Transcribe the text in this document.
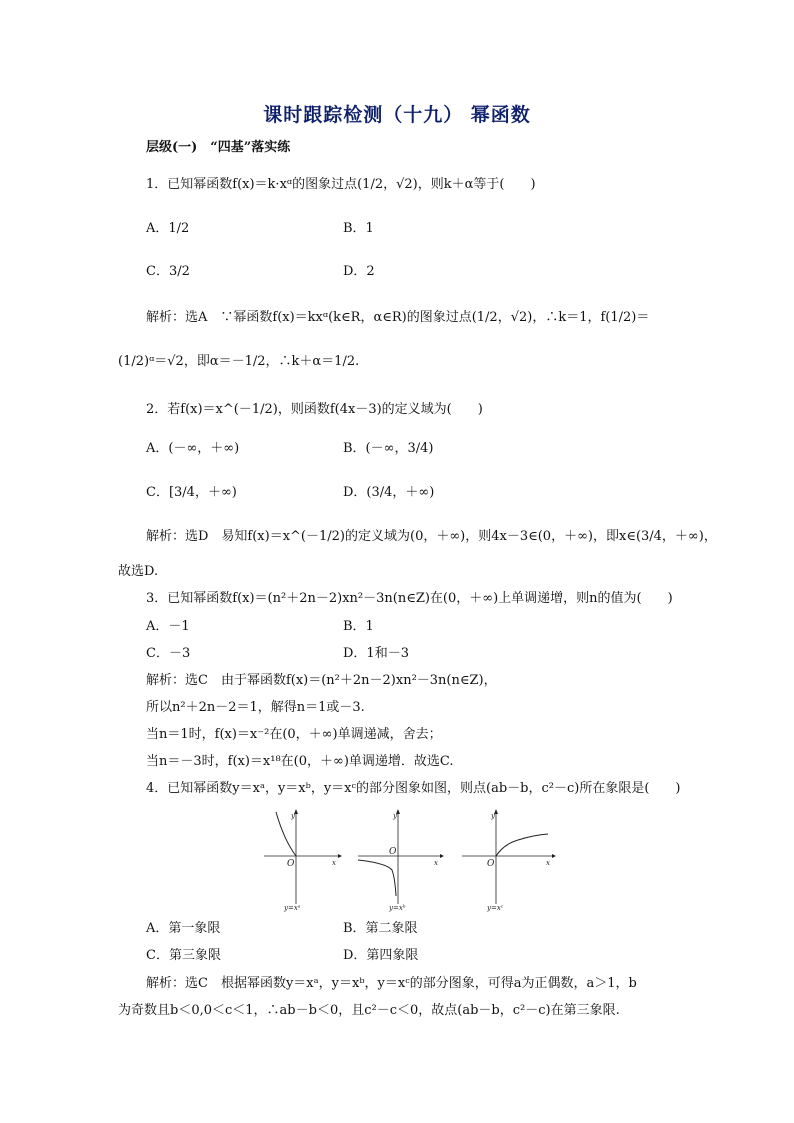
课时跟踪检测（十九） 幂函数
层级(一)　“四基”落实练
1．已知幂函数f(x)＝k·xᵅ的图象过点(1/2，√2)，则k＋α等于(　　)
A．1/2	B．1
C．3/2	D．2
解析：选A　∵幂函数f(x)＝kxᵅ(k∈R，α∈R)的图象过点(1/2，√2)，∴k＝1，f(1/2)＝
(1/2)ᵅ＝√2，即α＝－1/2，∴k＋α＝1/2.
2．若f(x)＝x^(－1/2)，则函数f(4x－3)的定义域为(　　)
A．(－∞，＋∞)	B．(－∞，3/4)
C．[3/4，＋∞)	D．(3/4，＋∞)
解析：选D　易知f(x)＝x^(－1/2)的定义域为(0，＋∞)，则4x－3∈(0，＋∞)，即x∈(3/4，＋∞)，
故选D.
3．已知幂函数f(x)＝(n²＋2n－2)xn²－3n(n∈Z)在(0，＋∞)上单调递增，则n的值为(　　)
A．－1	B．1
C．－3	D．1和－3
解析：选C　由于幂函数f(x)＝(n²＋2n－2)xn²－3n(n∈Z)，
所以n²＋2n－2＝1，解得n＝1或－3.
当n＝1时，f(x)＝x⁻²在(0，＋∞)单调递减，舍去；
当n＝－3时，f(x)＝x¹⁸在(0，＋∞)单调递增．故选C.
4．已知幂函数y＝xᵃ，y＝xᵇ，y＝xᶜ的部分图象如图，则点(ab－b，c²－c)所在象限是(　　)
y
x
O
y=xᵃ
y
x
O
y=xᵇ
y
x
O
y=xᶜ
A．第一象限	B．第二象限
C．第三象限	D．第四象限
解析：选C　根据幂函数y＝xᵃ，y＝xᵇ，y＝xᶜ的部分图象，可得a为正偶数，a＞1，b
为奇数且b＜0,0＜c＜1，∴ab－b＜0，且c²－c＜0，故点(ab－b，c²－c)在第三象限.
